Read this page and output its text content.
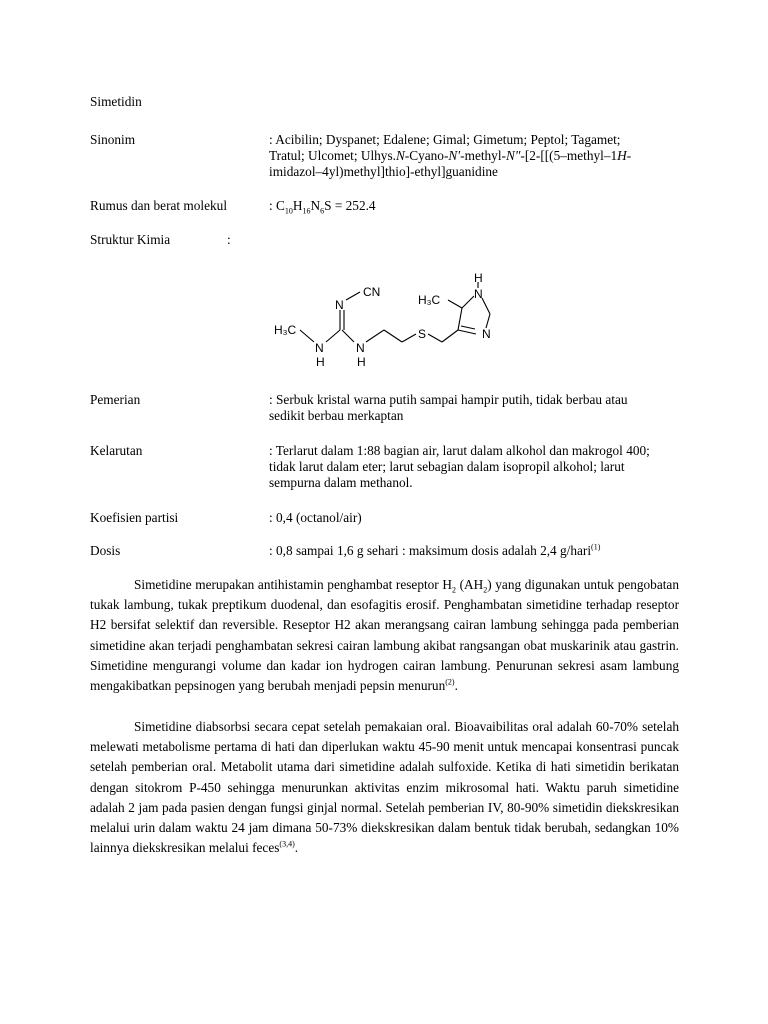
Simetidin
Sinonim	: Acibilin; Dyspanet; Edalene; Gimal; Gimetum; Peptol; Tagamet;
Tratul; Ulcomet; Ulhys.N-Cyano-N′-methyl-N″-[2-[[(5–methyl–1H-
imidazol–4yl)methyl]thio]-ethyl]guanidine
Rumus dan berat molekul	: $C_{10}H_{16}N_6S = 252.4$
Struktur Kimia	:
H₃C
N
CN
N
H
N
H
S
H₃C
H
N
N
Pemerian	: Serbuk kristal warna putih sampai hampir putih, tidak berbau atau
sedikit berbau merkaptan
Kelarutan	: Terlarut dalam 1:88 bagian air, larut dalam alkohol dan makrogol 400;
tidak larut dalam eter; larut sebagian dalam isopropil alkohol; larut
sempurna dalam methanol.
Koefisien partisi	: 0,4 (octanol/air)
Dosis	: 0,8 sampai 1,6 g sehari : maksimum dosis adalah 2,4 g/hari$^{(1)}$

Simetidine merupakan antihistamin penghambat reseptor $H_2$ $(AH_2)$ yang digunakan untuk pengobatan tukak lambung, tukak preptikum duodenal, dan esofagitis erosif. Penghambatan simetidine terhadap reseptor H2 bersifat selektif dan reversible. Reseptor H2 akan merangsang cairan lambung sehingga pada pemberian simetidine akan terjadi penghambatan sekresi cairan lambung akibat rangsangan obat muskarinik atau gastrin. Simetidine mengurangi volume dan kadar ion hydrogen cairan lambung. Penurunan sekresi asam lambung mengakibatkan pepsinogen yang berubah menjadi pepsin menurun$^{(2)}$.

Simetidine diabsorbsi secara cepat setelah pemakaian oral. Bioavaibilitas oral adalah 60-70% setelah melewati metabolisme pertama di hati dan diperlukan waktu 45-90 menit untuk mencapai konsentrasi puncak setelah pemberian oral. Metabolit utama dari simetidine adalah sulfoxide. Ketika di hati simetidin berikatan dengan sitokrom P-450 sehingga menurunkan aktivitas enzim mikrosomal hati. Waktu paruh simetidine adalah 2 jam pada pasien dengan fungsi ginjal normal. Setelah pemberian IV, 80-90% simetidin diekskresikan melalui urin dalam waktu 24 jam dimana 50-73% diekskresikan dalam bentuk tidak berubah, sedangkan 10% lainnya diekskresikan melalui feces$^{(3,4)}$.
